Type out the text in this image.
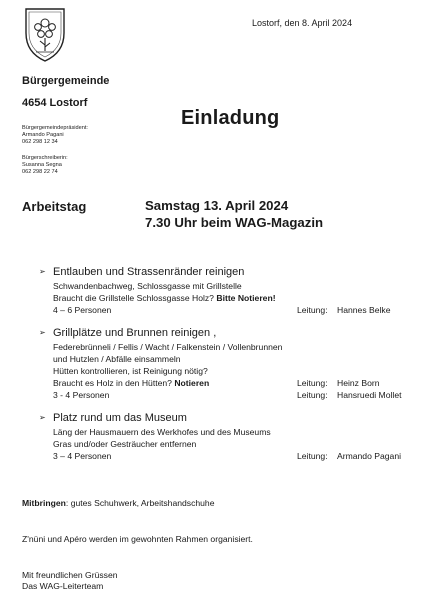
Lostorf, den 8. April 2024
Bürgergemeinde
4654 Lostorf
Bürgergemeindepräsident:
Armando Pagani
062 298 12 34
Bürgerschreiberin:
Susanna Segna
062 298 22 74
Einladung
Arbeitstag	Samstag 13. April 2024
7.30 Uhr beim WAG-Magazin
➢ Entlauben und Strassenränder reinigen
Schwandenbachweg, Schlossgasse mit Grillstelle
Braucht die Grillstelle Schlossgasse Holz? Bitte Notieren!
4 – 6 Personen	Leitung: Hannes Belke
➢ Grillplätze und Brunnen reinigen ,
Federebrünneli / Fellis / Wacht / Falkenstein / Vollenbrunnen
und Hutzlen / Abfälle einsammeln
Hütten kontrollieren, ist Reinigung nötig?
Braucht es Holz in den Hütten? Notieren	Leitung: Heinz Born
3 - 4 Personen	Leitung: Hansruedi Mollet
➢ Platz rund um das Museum
Läng der Hausmauern des Werkhofes und des Museums
Gras und/oder Gesträucher entfernen
3 – 4 Personen	Leitung: Armando Pagani
Mitbringen: gutes Schuhwerk, Arbeitshandschuhe
Z'nüni und Apéro werden im gewohnten Rahmen organisiert.
Mit freundlichen Grüssen
Das WAG-Leiterteam
